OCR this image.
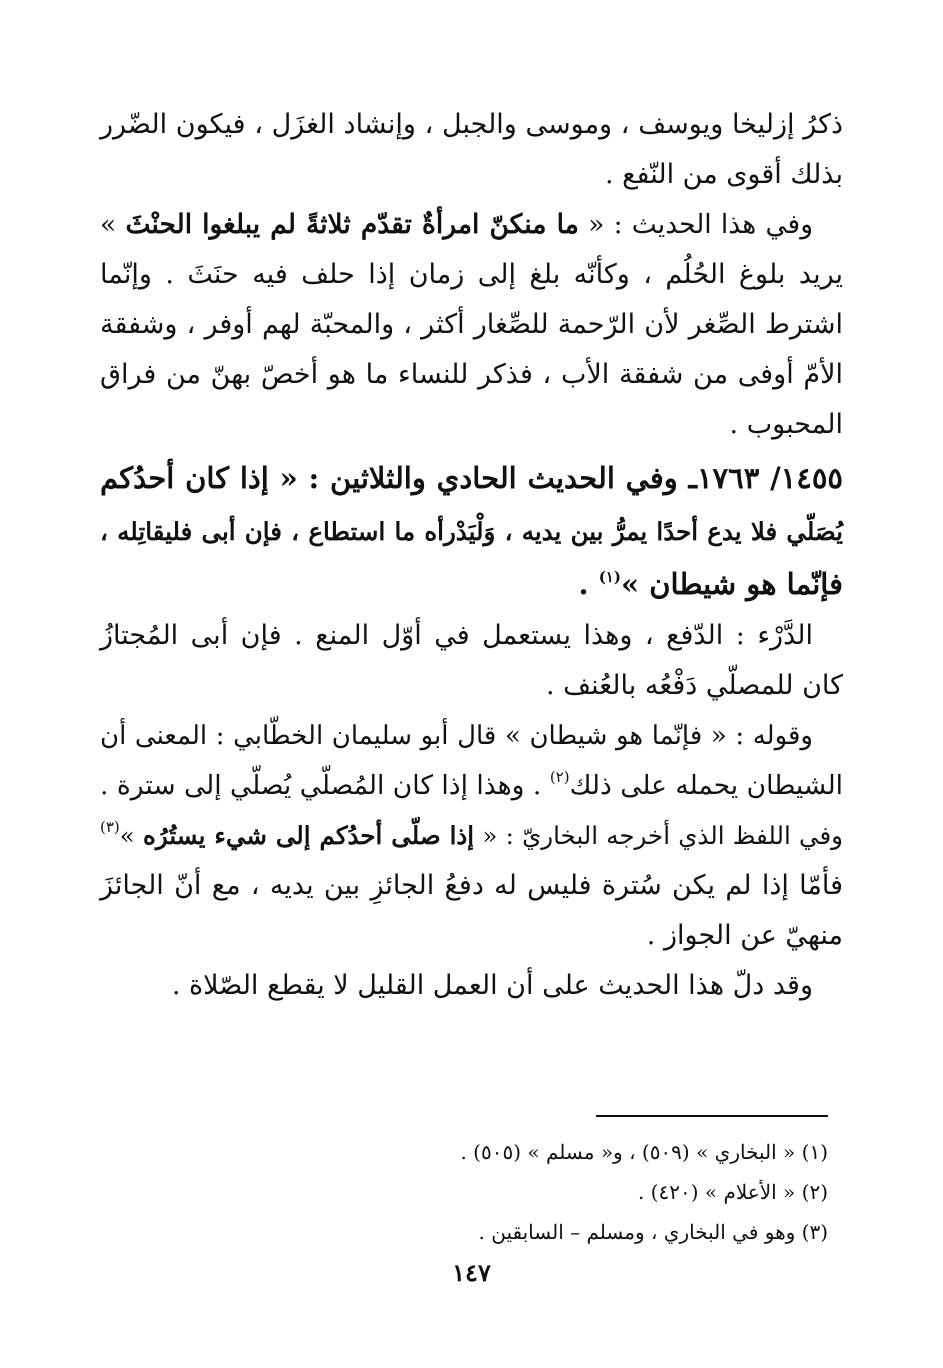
ذكرُ إزليخا ويوسف ، وموسى والجبل ، وإنشاد الغزَل ، فيكون الضّرر
بذلك أقوى من النّفع .
وفي هذا الحديث : « ما منكنّ امرأةٌ تقدّم ثلاثةً لم يبلغوا الحنْثَ »
يريد بلوغ الحُلُم ، وكأنّه بلغ إلى زمان إذا حلف فيه حنَثَ . وإنّما
اشترط الصِّغر لأن الرّحمة للصِّغار أكثر ، والمحبّة لهم أوفر ، وشفقة
الأمّ أوفى من شفقة الأب ، فذكر للنساء ما هو أخصّ بهنّ من فراق
المحبوب .
١٤٥٥/ ١٧٦٣ـ وفي الحديث الحادي والثلاثين : « إذا كان أحدُكم
يُصَلّي فلا يدع أحدًا يمرُّ بين يديه ، وَلْيَدْرأه ما استطاع ، فإن أبى فليقاتِله ،
فإنّما هو شيطان »$^{(١)}$ .
الدَّرْء : الدّفع ، وهذا يستعمل في أوّل المنع . فإن أبى المُجتازُ
كان للمصلّي دَفْعُه بالعُنف .
وقوله : « فإنّما هو شيطان » قال أبو سليمان الخطّابي : المعنى أن
الشيطان يحمله على ذلك$^{(٢)}$ . وهذا إذا كان المُصلّي يُصلّي إلى سترة .
وفي اللفظ الذي أخرجه البخاريّ : « إذا صلّى أحدُكم إلى شيء يستُرُه »$^{(٣)}$
فأمّا إذا لم يكن سُترة فليس له دفعُ الجائزِ بين يديه ، مع أنّ الجائزَ
منهيّ عن الجواز .
وقد دلّ هذا الحديث على أن العمل القليل لا يقطع الصّلاة .
(١) « البخاري » (٥٠٩) ، و« مسلم » (٥٠٥) .
(٢) « الأعلام » (٤٢٠) .
(٣) وهو في البخاري ، ومسلم – السابقين .
١٤٧
